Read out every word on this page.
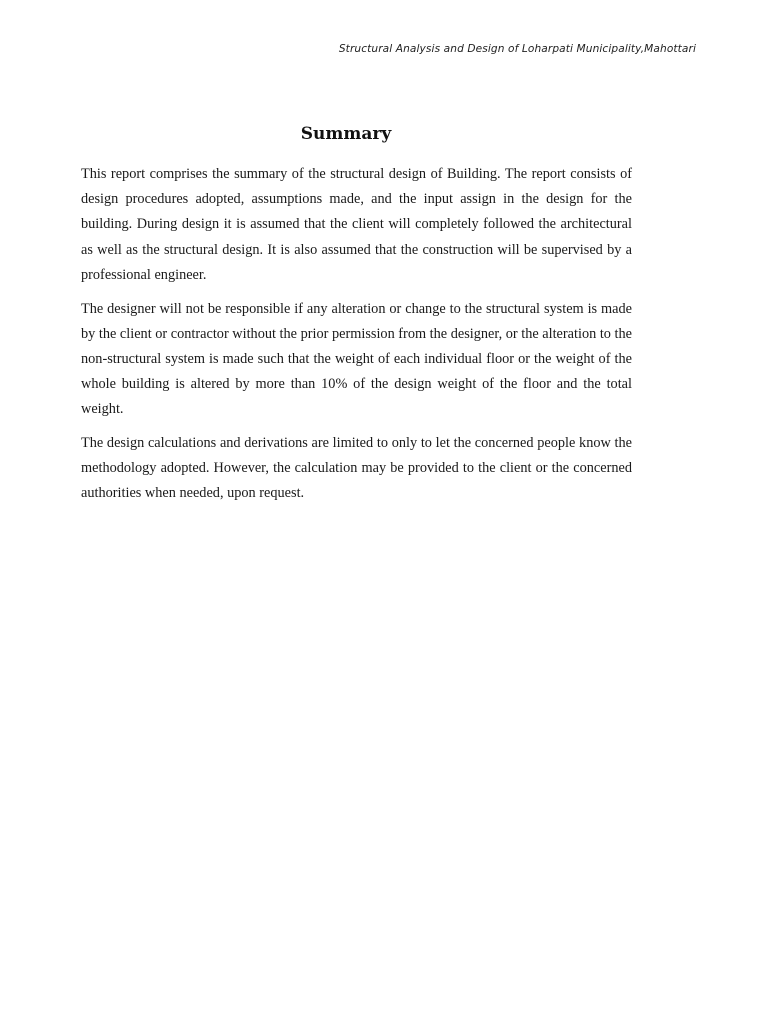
Structural Analysis and Design of Loharpati Municipality,Mahottari
Summary

This report comprises the summary of the structural design of Building. The report consists of design procedures adopted, assumptions made, and the input assign in the design for the building. During design it is assumed that the client will completely followed the architectural as well as the structural design. It is also assumed that the construction will be supervised by a professional engineer.

The designer will not be responsible if any alteration or change to the structural system is made by the client or contractor without the prior permission from the designer, or the alteration to the non-structural system is made such that the weight of each individual floor or the weight of the whole building is altered by more than 10% of the design weight of the floor and the total weight.

The design calculations and derivations are limited to only to let the concerned people know the methodology adopted. However, the calculation may be provided to the client or the concerned authorities when needed, upon request.
